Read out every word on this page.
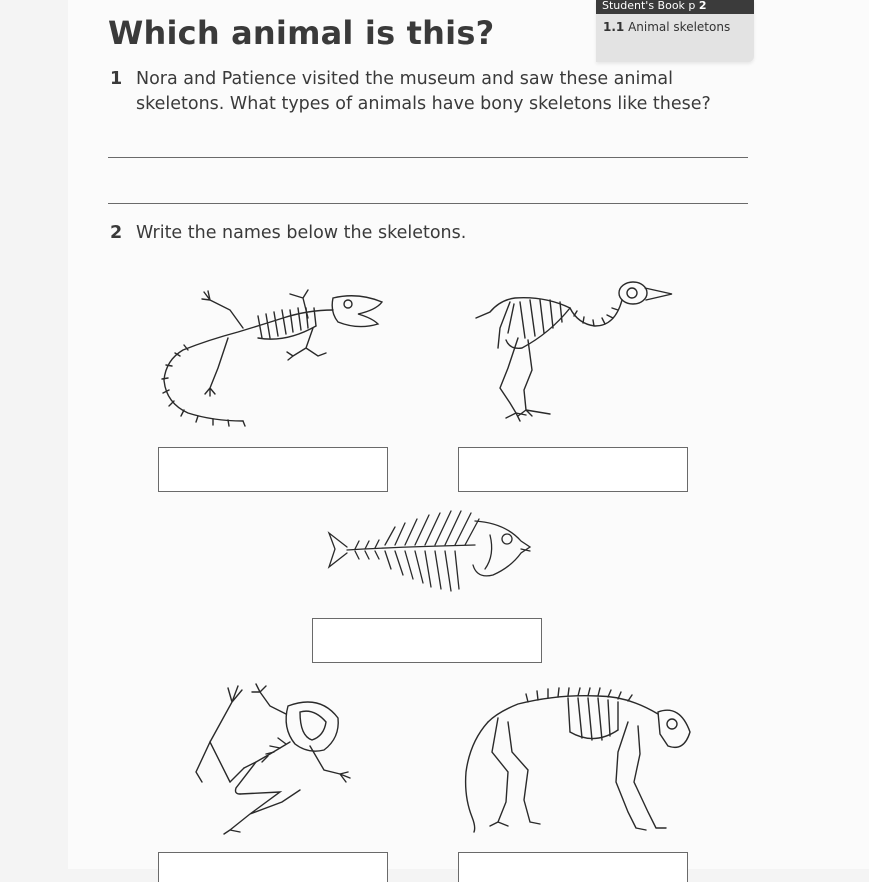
Student's Book p 2
1.1 Animal skeletons
Which animal is this?
1 Nora and Patience visited the museum and saw these animal
skeletons. What types of animals have bony skeletons like these?
2 Write the names below the skeletons.
